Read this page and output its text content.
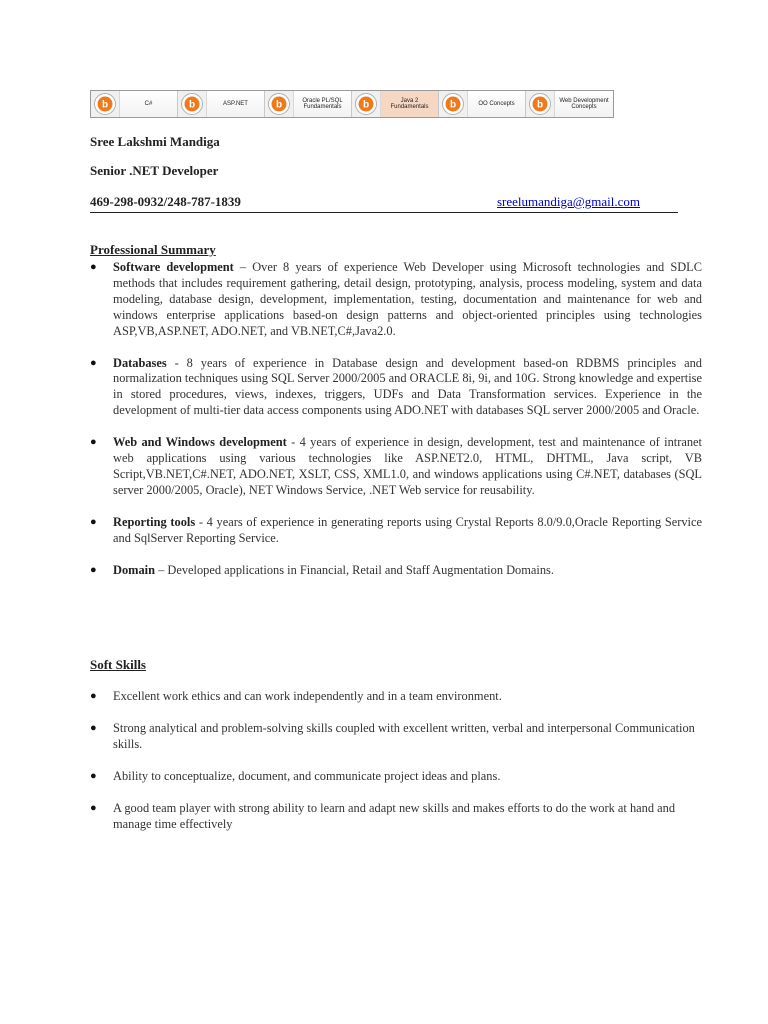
b	C#	b	ASP.NET	b	Oracle PL/SQL
Fundamentals	b	Java 2 Fundamentals	b	OO Concepts	b	Web Development
Concepts
Sree Lakshmi Mandiga
Senior .NET Developer
469-298-0932/248-787-1839	sreelumandiga@gmail.com
Professional Summary
● Software development – Over 8 years of experience Web Developer using Microsoft technologies and SDLC methods that includes requirement gathering, detail design, prototyping, analysis, process modeling, system and data modeling, database design, development, implementation, testing, documentation and maintenance for web and windows enterprise applications based-on design patterns and object-oriented principles using technologies ASP,VB,ASP.NET, ADO.NET, and VB.NET,C#,Java2.0.
● Databases - 8 years of experience in Database design and development based-on RDBMS principles and normalization techniques using SQL Server 2000/2005 and ORACLE 8i, 9i, and 10G. Strong knowledge and expertise in stored procedures, views, indexes, triggers, UDFs and Data Transformation services. Experience in the development of multi-tier data access components using ADO.NET with databases SQL server 2000/2005 and Oracle.
● Web and Windows development - 4 years of experience in design, development, test and maintenance of intranet web applications using various technologies like ASP.NET2.0, HTML, DHTML, Java script, VB Script,VB.NET,C#.NET, ADO.NET, XSLT, CSS, XML1.0, and windows applications using C#.NET, databases (SQL server 2000/2005, Oracle), NET Windows Service, .NET Web service for reusability.
● Reporting tools - 4 years of experience in generating reports using Crystal Reports 8.0/9.0,Oracle Reporting Service and SqlServer Reporting Service.
● Domain – Developed applications in Financial, Retail and Staff Augmentation Domains.
Soft Skills
● Excellent work ethics and can work independently and in a team environment.
● Strong analytical and problem-solving skills coupled with excellent written, verbal and interpersonal Communication skills.
● Ability to conceptualize, document, and communicate project ideas and plans.
● A good team player with strong ability to learn and adapt new skills and makes efforts to do the work at hand and manage time effectively
